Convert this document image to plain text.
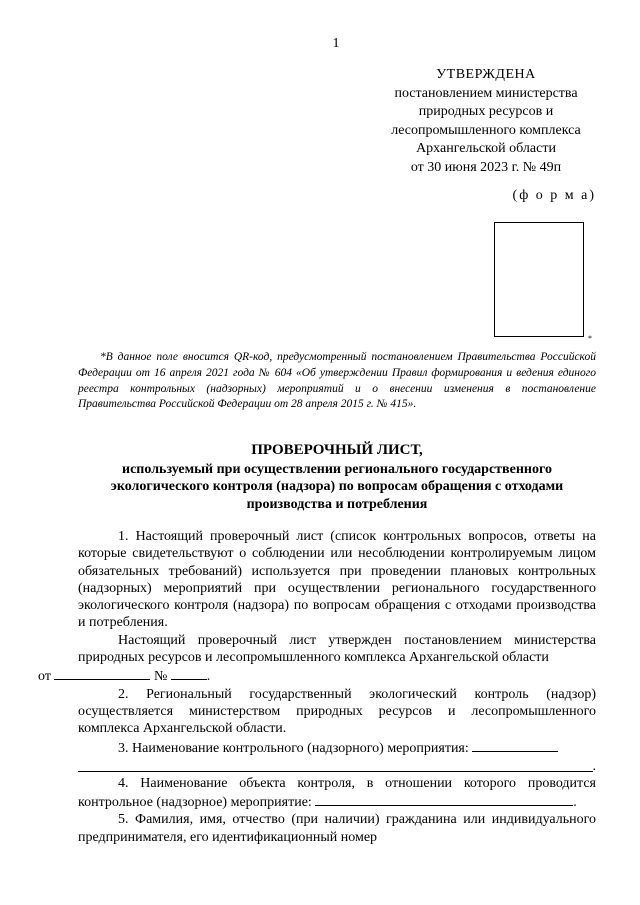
1
УТВЕРЖДЕНА
постановлением министерства
природных ресурсов и
лесопромышленного комплекса
Архангельской области
от 30 июня 2023 г. № 49п
(ф о р м а)
*
*В данное поле вносится QR-код, предусмотренный постановлением Правительства Российской Федерации от 16 апреля 2021 года № 604 «Об утверждении Правил формирования и ведения единого реестра контрольных (надзорных) мероприятий и о внесении изменения в постановление Правительства Российской Федерации от 28 апреля 2015 г. № 415».
ПРОВЕРОЧНЫЙ ЛИСТ,
используемый при осуществлении регионального государственного экологического контроля (надзора) по вопросам обращения с отходами производства и потребления

1. Настоящий проверочный лист (список контрольных вопросов, ответы на которые свидетельствуют о соблюдении или несоблюдении контролируемым лицом обязательных требований) используется при проведении плановых контрольных (надзорных) мероприятий при осуществлении регионального государственного экологического контроля (надзора) по вопросам обращения с отходами производства и потребления.

Настоящий проверочный лист утвержден постановлением министерства природных ресурсов и лесопромышленного комплекса Архангельской области
от	№	.

2. Региональный государственный экологический контроль (надзор) осуществляется министерством природных ресурсов и лесопромышленного комплекса Архангельской области.

3. Наименование контрольного (надзорного) мероприятия:

.

4. Наименование объекта контроля, в отношении которого проводится контрольное (надзорное) мероприятие:	.

5. Фамилия, имя, отчество (при наличии) гражданина или индивидуального предпринимателя, его идентификационный номер
